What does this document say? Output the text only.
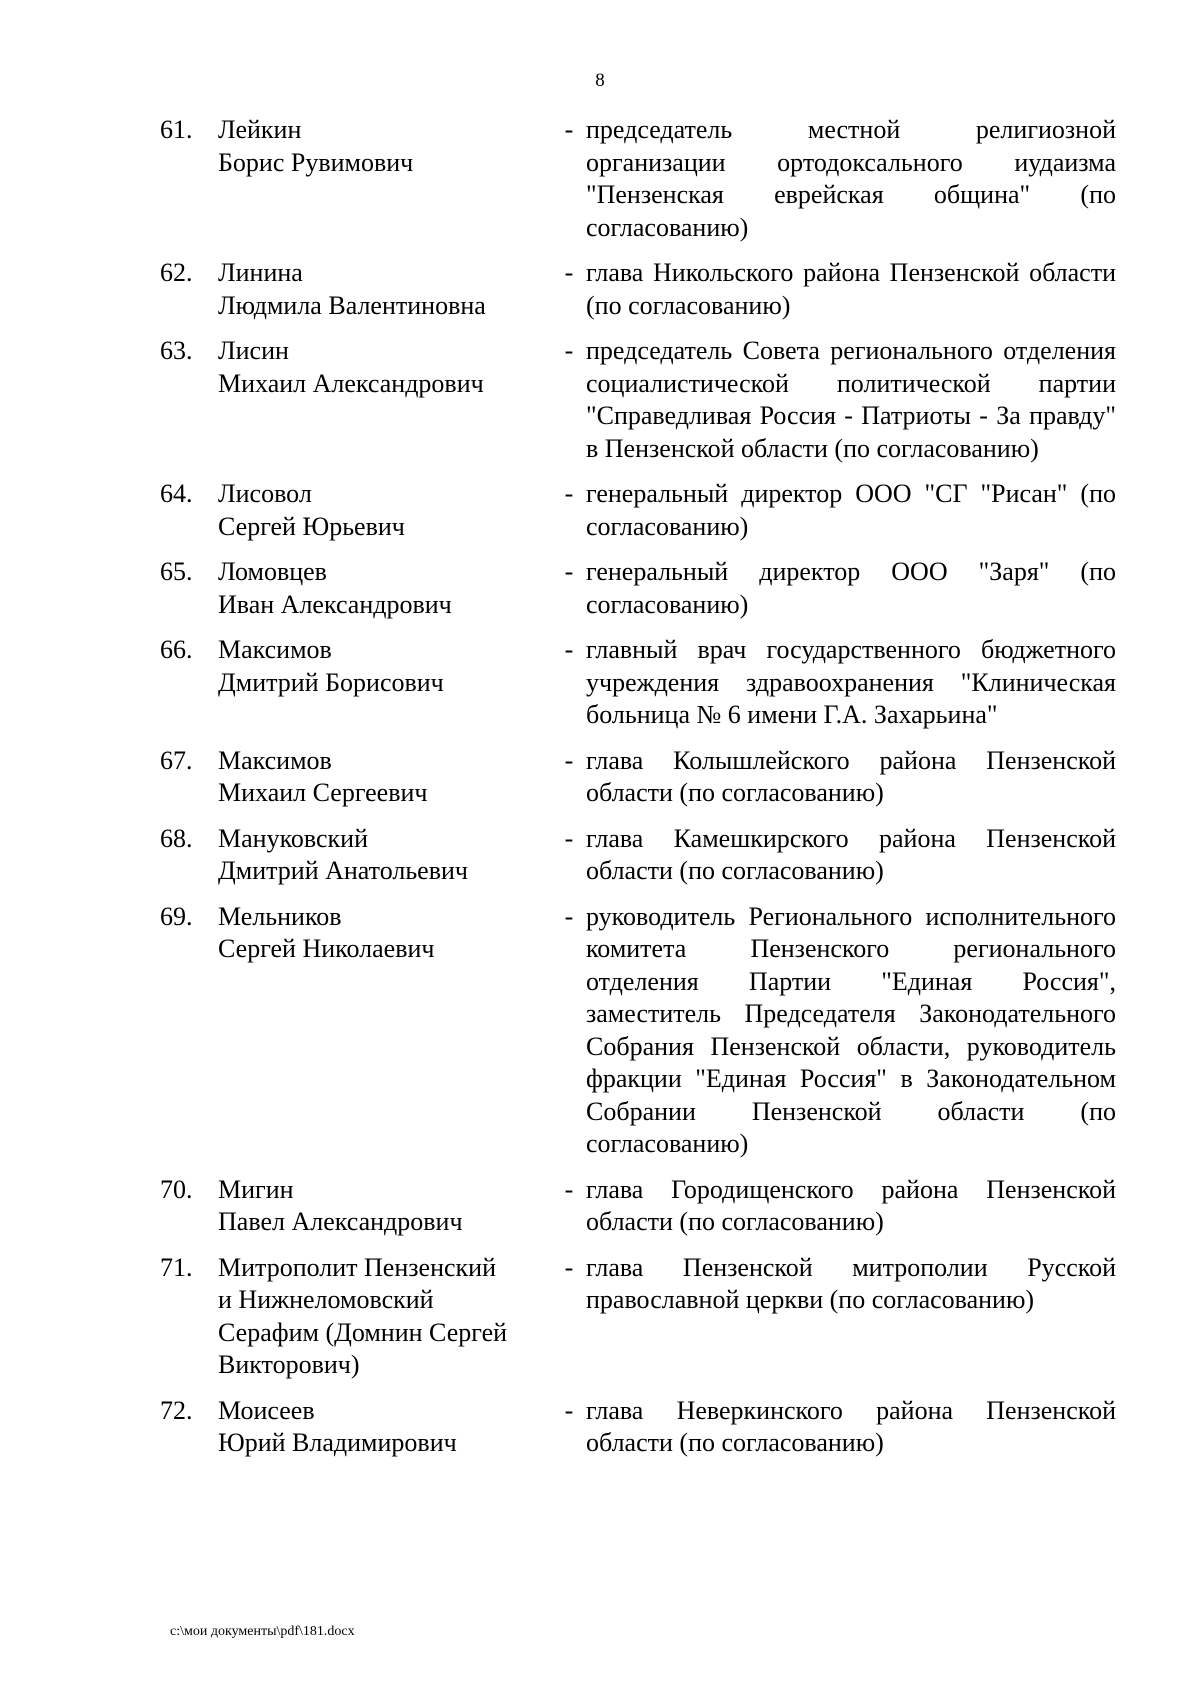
8
61. Лейкин
Борис Рувимович
- председатель местной религиозной организации ортодоксального иудаизма "Пензенская еврейская община" (по согласованию)
62. Линина
Людмила Валентиновна
- глава Никольского района Пензенской области (по согласованию)
63. Лисин
Михаил Александрович
- председатель Совета регионального отделения социалистической политической партии "Справедливая Россия - Патриоты - За правду" в Пензенской области (по согласованию)
64. Лисовол
Сергей Юрьевич
- генеральный директор ООО "СГ "Рисан" (по согласованию)
65. Ломовцев
Иван Александрович
- генеральный директор ООО "Заря" (по согласованию)
66. Максимов
Дмитрий Борисович
- главный врач государственного бюджетного учреждения здравоохранения "Клиническая больница № 6 имени Г.А. Захарьина"
67. Максимов
Михаил Сергеевич
- глава Колышлейского района Пензенской области (по согласованию)
68. Мануковский
Дмитрий Анатольевич
- глава Камешкирского района Пензенской области (по согласованию)
69. Мельников
Сергей Николаевич
- руководитель Регионального исполнительного комитета Пензенского регионального отделения Партии "Единая Россия", заместитель Председателя Законодательного Собрания Пензенской области, руководитель фракции "Единая Россия" в Законодательном Собрании Пензенской области (по согласованию)
70. Мигин
Павел Александрович
- глава Городищенского района Пензенской области (по согласованию)
71. Митрополит Пензенский
и Нижнеломовский
Серафим (Домнин Сергей
Викторович)
- глава Пензенской митрополии Русской православной церкви (по согласованию)
72. Моисеев
Юрий Владимирович
- глава Неверкинского района Пензенской области (по согласованию)
c:\мои документы\pdf\181.docx
